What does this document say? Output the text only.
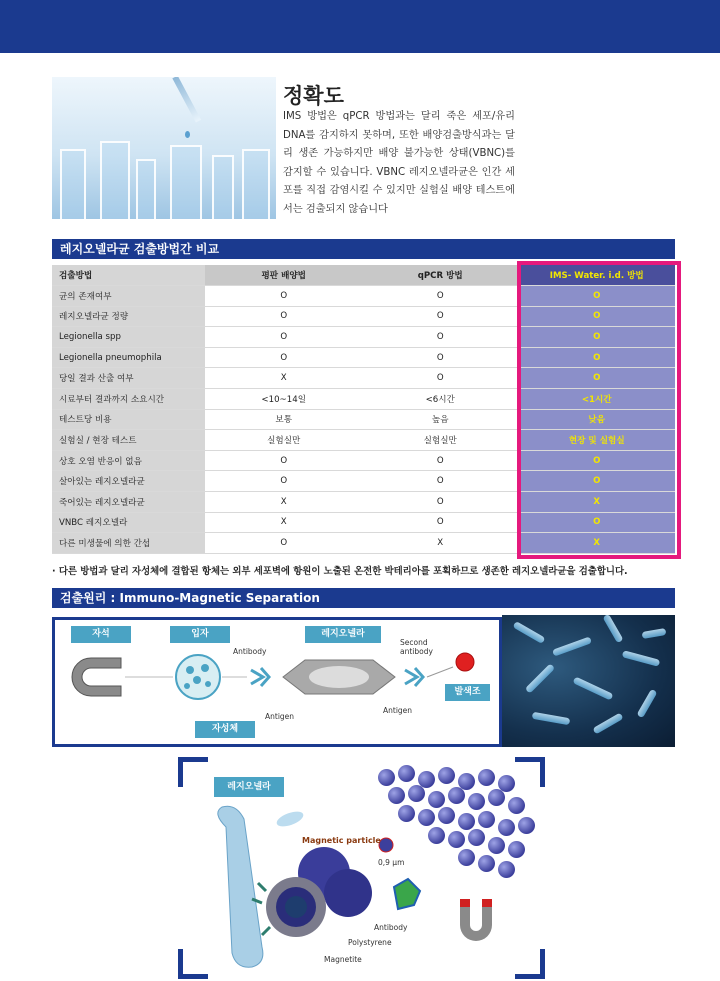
정확도
IMS 방법은 qPCR 방법과는 달리 죽은 세포/유리 DNA를 감지하지 못하며, 또한 배양검출방식과는 달리 생존 가능하지만 배양 불가능한 상태(VBNC)를 감지할 수 있습니다. VBNC 레지오넬라균은 인간 세포를 직접 감염시킬 수 있지만 실험실 배양 테스트에서는 검출되지 않습니다
레지오넬라균 검출방법간 비교
검출방법	평판 배양법	qPCR 방법	IMS- Water. i.d. 방법
균의 존재여부	O	O	O
레지오넬라균 정량	O	O	O
Legionella spp	O	O	O
Legionella pneumophila	O	O	O
당일 결과 산출 여부	X	O	O
시료부터 결과까지 소요시간	<10~14일	<6시간	<1시간
테스트당 비용	보통	높음	낮음
실험실 / 현장 테스트	실험실만	실험실만	현장 및 실험실
상호 오염 반응이 없음	O	O	O
살아있는 레지오넬라균	O	O	O
죽어있는 레지오넬라균	X	O	X
VNBC 레지오넬라	X	O	O
다른 미생물에 의한 간섭	O	X	X
· 다른 방법과 달리 자성체에 결합된 항체는 외부 세포벽에 항원이 노출된 온전한 박테리아를 포획하므로 생존한 레지오넬라균을 검출합니다.
검출원리 : Immuno-Magnetic Separation
자석	입자	레지오넬라
자성체
발색조
Antibody
Second antibody
Antigen
Antigen
레지오넬라
Magnetic particle
0,9 μm
Antibody
Polystyrene
Magnetite
